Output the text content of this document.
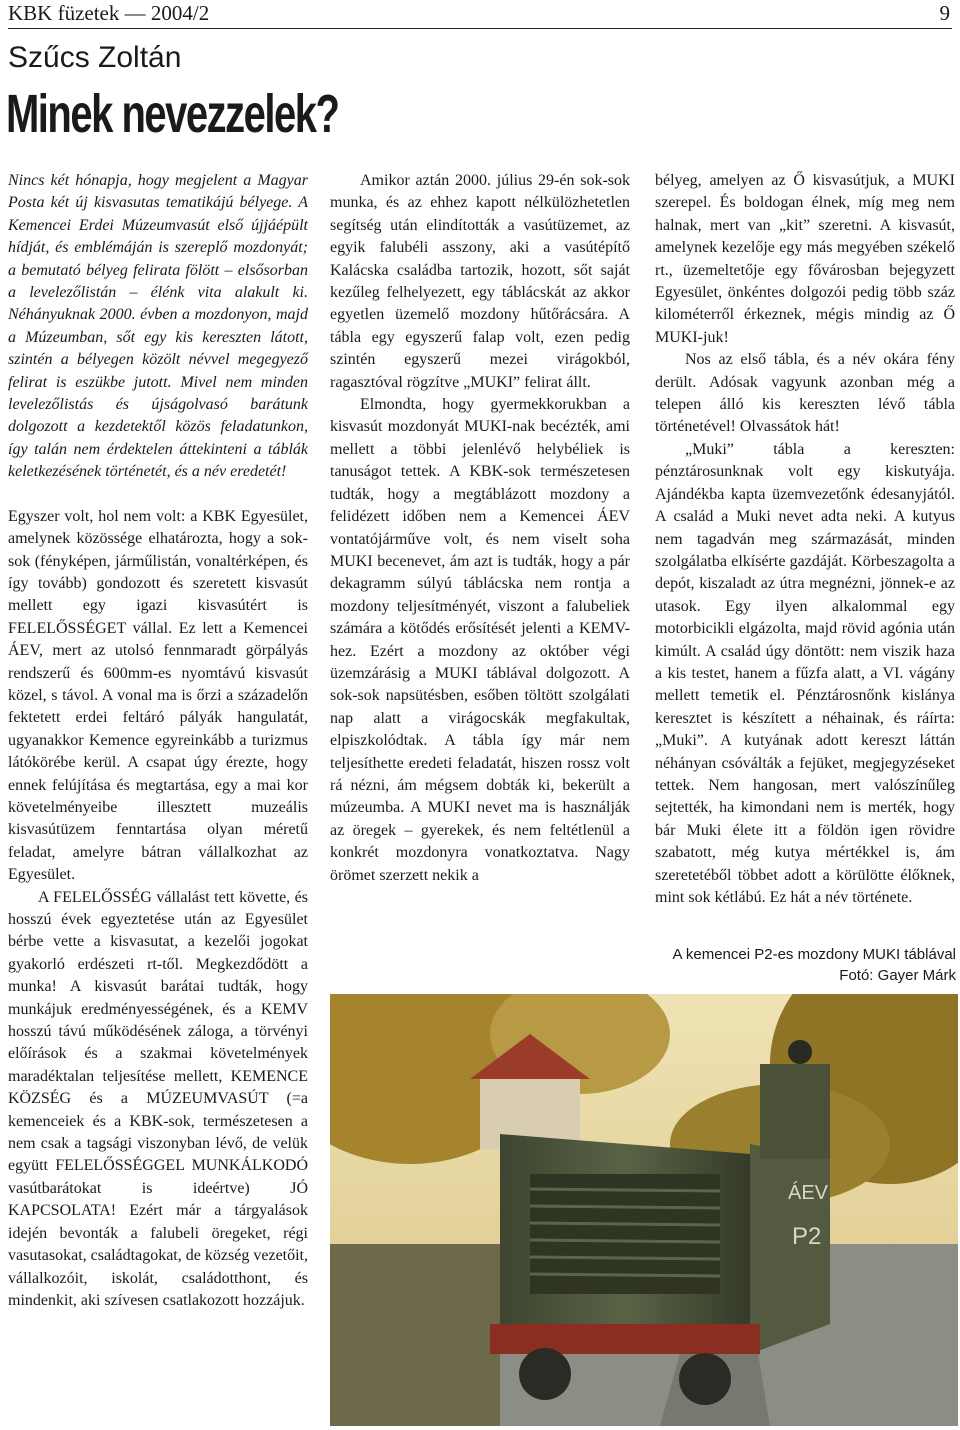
KBK füzetek — 2004/2	9
Szűcs Zoltán
Minek nevezzelek?

Nincs két hónapja, hogy megjelent a Magyar Posta két új kisvasutas tematikájú bélyege. A Kemencei Erdei Múzeumvasút első újjáépült hídját, és emblémáján is szereplő mozdonyát; a bemutató bélyeg felirata fölött – elsősorban a levelezőlistán – élénk vita alakult ki. Néhányuknak 2000. évben a mozdonyon, majd a Múzeumban, sőt egy kis kereszten látott, szintén a bélyegen közölt névvel megegyező felirat is eszükbe jutott. Mivel nem minden levelezőlistás és újságolvasó barátunk dolgozott a kezdetektől közös feladatunkon, így talán nem érdektelen áttekinteni a táblák keletkezésének történetét, és a név eredetét!

Egyszer volt, hol nem volt: a KBK Egyesület, amelynek közössége elhatározta, hogy a sok-sok (fényképen, járműlistán, vonaltérképen, és így tovább) gondozott és szeretett kisvasút mellett egy igazi kisvasútért is FELELŐSSÉGET vállal. Ez lett a Kemencei ÁEV, mert az utolsó fennmaradt görpályás rendszerű és 600mm-es nyomtávú kisvasút közel, s távol. A vonal ma is őrzi a századelőn fektetett erdei feltáró pályák hangulatát, ugyanakkor Kemence egyreinkább a turizmus látókörébe kerül. A csapat úgy érezte, hogy ennek felújítása és megtartása, egy a mai kor követelményeibe illesztett muzeális kisvasútüzem fenntartása olyan méretű feladat, amelyre bátran vállalkozhat az Egyesület.

A FELELŐSSÉG vállalást tett követte, és hosszú évek egyeztetése után az Egyesület bérbe vette a kisvasutat, a kezelői jogokat gyakorló erdészeti rt-től. Megkezdődött a munka! A kisvasút barátai tudták, hogy munkájuk eredményességének, és a KEMV hosszú távú működésének záloga, a törvényi előírások és a szakmai követelmények maradéktalan teljesítése mellett, KEMENCE KÖZSÉG és a MÚZEUMVASÚT (=a kemenceiek és a KBK-sok, természetesen a nem csak a tagsági viszonyban lévő, de velük együtt FELELŐSSÉGGEL MUNKÁLKODÓ vasútbarátokat is ideértve) JÓ KAPCSOLATA! Ezért már a tárgyalások idején bevonták a falubeli öregeket, régi vasutasokat, családtagokat, de község vezetőit, vállalkozóit, iskolát, családotthont, és mindenkit, aki szívesen csatlakozott hozzájuk.

Amikor aztán 2000. július 29-én sok-sok munka, és az ehhez kapott nélkülözhetetlen segítség után elindították a vasútüzemet, az egyik falubéli asszony, aki a vasútépítő Kalácska családba tartozik, hozott, sőt saját kezűleg felhelyezett, egy táblácskát az akkor egyetlen üzemelő mozdony hűtőrácsára. A tábla egy egyszerű falap volt, ezen pedig szintén egyszerű mezei virágokból, ragasztóval rögzítve „MUKI” felirat állt.

Elmondta, hogy gyermekkorukban a kisvasút mozdonyát MUKI-nak becézték, ami mellett a többi jelenlévő helybéliek is tanuságot tettek. A KBK-sok természetesen tudták, hogy a megtáblázott mozdony a felidézett időben nem a Kemencei ÁEV vontatójárműve volt, és nem viselt soha MUKI becenevet, ám azt is tudták, hogy a pár dekagramm súlyú táblácska nem rontja a mozdony teljesítményét, viszont a falubeliek számára a kötődés erősítését jelenti a KEMV-hez. Ezért a mozdony az október végi üzemzárásig a MUKI táblával dolgozott. A sok-sok napsütésben, esőben töltött szolgálati nap alatt a virágocskák megfakultak, elpiszkolódtak. A tábla így már nem teljesíthette eredeti feladatát, hiszen rossz volt rá nézni, ám mégsem dobták ki, bekerült a múzeumba. A MUKI nevet ma is használják az öregek – gyerekek, és nem feltétlenül a konkrét mozdonyra vonatkoztatva. Nagy örömet szerzett nekik a

bélyeg, amelyen az Ő kisvasútjuk, a MUKI szerepel. És boldogan élnek, míg meg nem halnak, mert van „kit” szeretni. A kisvasút, amelynek kezelője egy más megyében székelő rt., üzemeltetője egy fővárosban bejegyzett Egyesület, önkéntes dolgozói pedig több száz kilométerről érkeznek, mégis mindig az Ő MUKI-juk!

Nos az első tábla, és a név okára fény derült. Adósak vagyunk azonban még a telepen álló kis kereszten lévő tábla történetével! Olvassátok hát!

„Muki” tábla a kereszten: pénztárosunknak volt egy kiskutyája. Ajándékba kapta üzemvezetőnk édesanyjától. A család a Muki nevet adta neki. A kutyus nem tagadván meg származását, minden szolgálatba elkísérte gazdáját. Körbeszagolta a depót, kiszaladt az útra megnézni, jönnek-e az utasok. Egy ilyen alkalommal egy motorbicikli elgázolta, majd rövid agónia után kimúlt. A család úgy döntött: nem viszik haza a kis testet, hanem a fűzfa alatt, a VI. vágány mellett temetik el. Pénztárosnőnk kislánya keresztet is készített a néhainak, és ráírta: „Muki”. A kutyának adott kereszt láttán néhányan csóválták a fejüket, megjegyzéseket tettek. Nem hangosan, mert valószínűleg sejtették, ha kimondani nem is merték, hogy bár Muki élete itt a földön igen rövidre szabatott, még kutya mértékkel is, ám szeretetéből többet adott a körülötte élőknek, mint sok kétlábú. Ez hát a név története.

A kemencei P2-es mozdony MUKI táblával
Fotó: Gayer Márk
ÁEV
P2
